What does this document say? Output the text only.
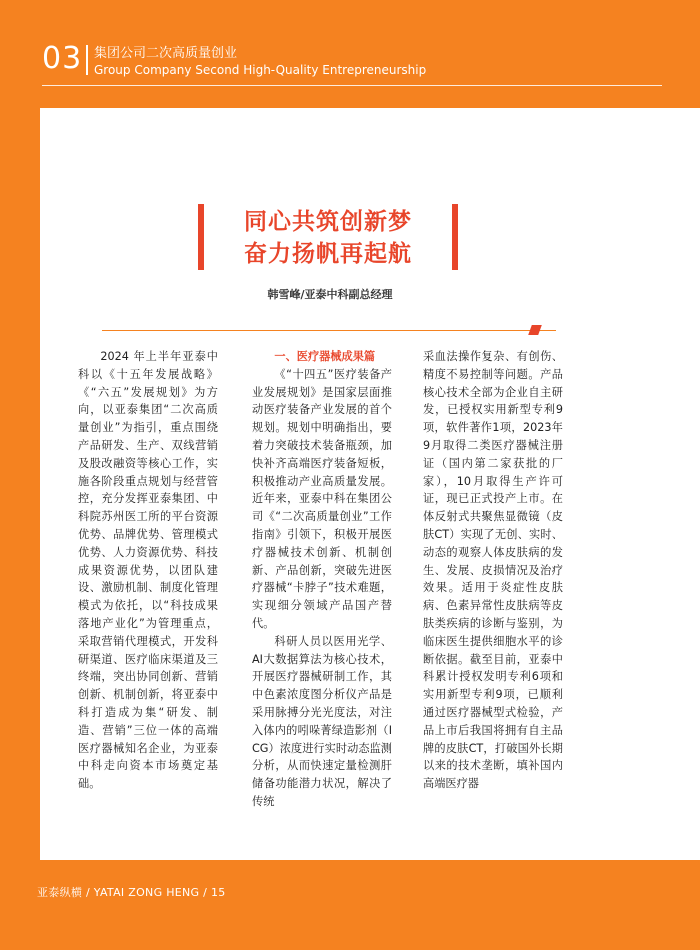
03 集团公司二次高质量创业
Group Company Second High-Quality Entrepreneurship
同心共筑创新梦
奋力扬帆再起航
韩雪峰/亚泰中科副总经理

2024 年上半年亚泰中科以《十五年发展战略》《“六五”发展规划》为方向，以亚泰集团“二次高质量创业”为指引，重点围绕产品研发、生产、双线营销及股改融资等核心工作，实施各阶段重点规划与经营管控，充分发挥亚泰集团、中科院苏州医工所的平台资源优势、品牌优势、管理模式优势、人力资源优势、科技成果资源优势，以团队建设、激励机制、制度化管理模式为依托，以“科技成果落地产业化”为管理重点，采取营销代理模式，开发科研渠道、医疗临床渠道及三终端，突出协同创新、营销创新、机制创新，将亚泰中科打造成为集“研发、制造、营销”三位一体的高端医疗器械知名企业，为亚泰中科走向资本市场奠定基础。

一、医疗器械成果篇

《“十四五”医疗装备产业发展规划》是国家层面推动医疗装备产业发展的首个规划。规划中明确指出，要着力突破技术装备瓶颈，加快补齐高端医疗装备短板，积极推动产业高质量发展。近年来，亚泰中科在集团公司《“二次高质量创业”工作指南》引领下，积极开展医疗器械技术创新、机制创新、产品创新，突破先进医疗器械“卡脖子”技术难题，实现细分领域产品国产替代。

科研人员以医用光学、AI大数据算法为核心技术，开展医疗器械研制工作，其中色素浓度图分析仪产品是采用脉搏分光光度法，对注入体内的吲哚菁绿造影剂（ICG）浓度进行实时动态监测分析，从而快速定量检测肝储备功能潜力状况，解决了传统

采血法操作复杂、有创伤、精度不易控制等问题。产品核心技术全部为企业自主研发，已授权实用新型专利9项，软件著作1项，2023年9月取得二类医疗器械注册证（国内第二家获批的厂家），10月取得生产许可证，现已正式投产上市。在体反射式共聚焦显微镜（皮肤CT）实现了无创、实时、动态的观察人体皮肤病的发生、发展、皮损情况及治疗效果。适用于炎症性皮肤病、色素异常性皮肤病等皮肤类疾病的诊断与鉴别，为临床医生提供细胞水平的诊断依据。截至目前，亚泰中科累计授权发明专利6项和实用新型专利9项，已顺利通过医疗器械型式检验，产品上市后我国将拥有自主品牌的皮肤CT，打破国外长期以来的技术垄断，填补国内高端医疗器

亚泰纵横 / YATAI ZONG HENG / 15
